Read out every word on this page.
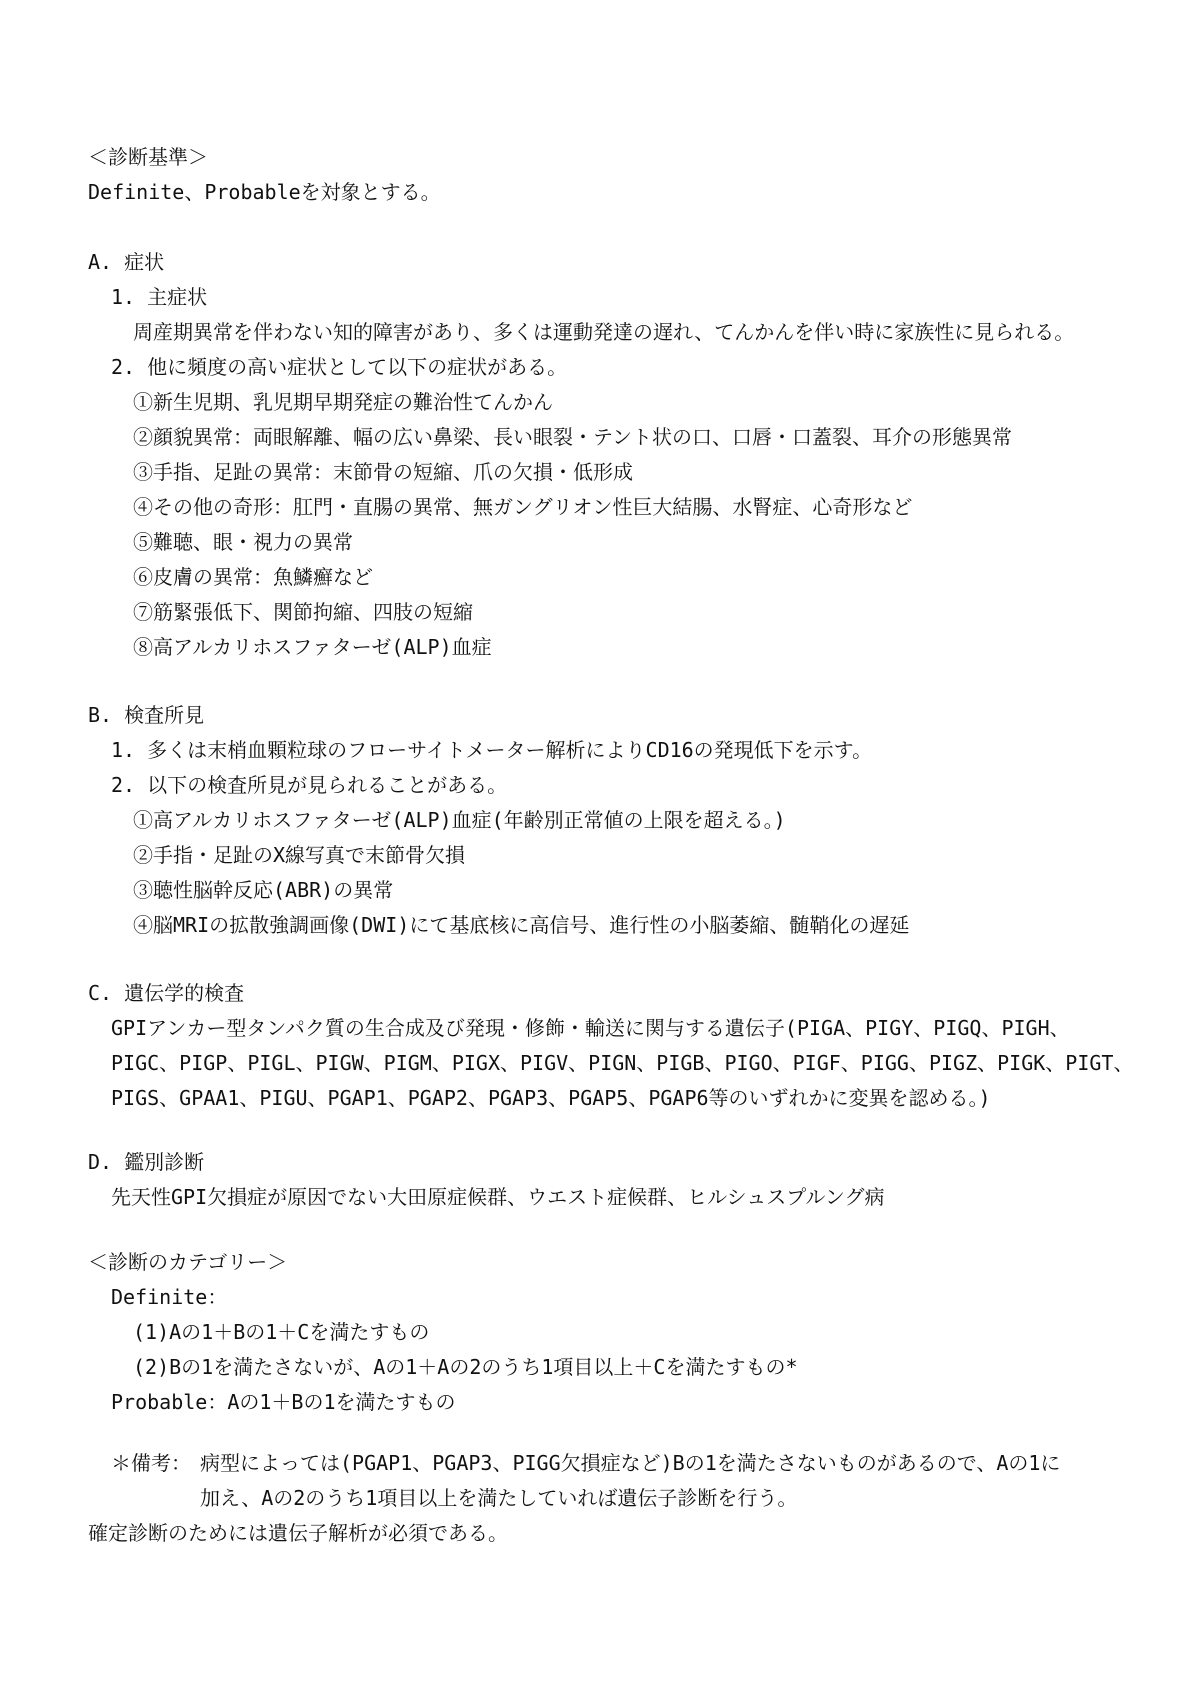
＜診断基準＞
Definite、Probableを対象とする。
A. 症状
1. 主症状
周産期異常を伴わない知的障害があり、多くは運動発達の遅れ、てんかんを伴い時に家族性に見られる。
2. 他に頻度の高い症状として以下の症状がある。
①新生児期、乳児期早期発症の難治性てんかん
②顔貌異常：両眼解離、幅の広い鼻梁、長い眼裂・テント状の口、口唇・口蓋裂、耳介の形態異常
③手指、足趾の異常：末節骨の短縮、爪の欠損・低形成
④その他の奇形：肛門・直腸の異常、無ガングリオン性巨大結腸、水腎症、心奇形など
⑤難聴、眼・視力の異常
⑥皮膚の異常：魚鱗癬など
⑦筋緊張低下、関節拘縮、四肢の短縮
⑧高アルカリホスファターゼ(ALP)血症
B. 検査所見
1. 多くは末梢血顆粒球のフローサイトメーター解析によりCD16の発現低下を示す。
2. 以下の検査所見が見られることがある。
①高アルカリホスファターゼ(ALP)血症(年齢別正常値の上限を超える。)
②手指・足趾のX線写真で末節骨欠損
③聴性脳幹反応(ABR)の異常
④脳MRIの拡散強調画像(DWI)にて基底核に高信号、進行性の小脳萎縮、髄鞘化の遅延
C. 遺伝学的検査
GPIアンカー型タンパク質の生合成及び発現・修飾・輸送に関与する遺伝子(PIGA、PIGY、PIGQ、PIGH、
PIGC、PIGP、PIGL、PIGW、PIGM、PIGX、PIGV、PIGN、PIGB、PIGO、PIGF、PIGG、PIGZ、PIGK、PIGT、
PIGS、GPAA1、PIGU、PGAP1、PGAP2、PGAP3、PGAP5、PGAP6等のいずれかに変異を認める。)
D. 鑑別診断
先天性GPI欠損症が原因でない大田原症候群、ウエスト症候群、ヒルシュスプルング病
＜診断のカテゴリー＞
Definite：
(1)Aの1＋Bの1＋Cを満たすもの
(2)Bの1を満たさないが、Aの1＋Aの2のうち1項目以上＋Cを満たすもの*
Probable：Aの1＋Bの1を満たすもの
＊備考： 病型によっては(PGAP1、PGAP3、PIGG欠損症など)Bの1を満たさないものがあるので、Aの1に
加え、Aの2のうち1項目以上を満たしていれば遺伝子診断を行う。
確定診断のためには遺伝子解析が必須である。
